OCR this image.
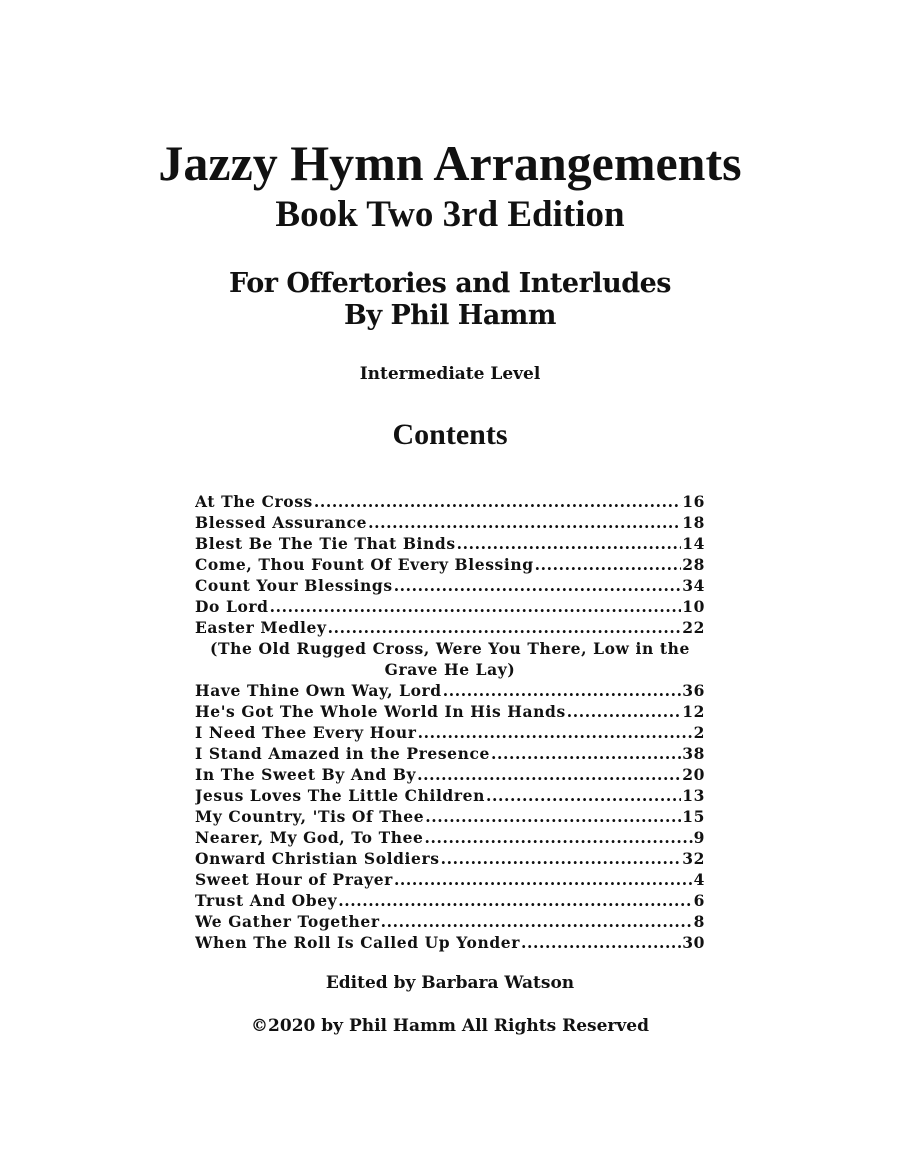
Jazzy Hymn Arrangements
Book Two 3rd Edition
For Offertories and Interludes
By Phil Hamm
Intermediate Level
Contents
At The Cross .....	16
Blessed Assurance .....	18
Blest Be The Tie That Binds .....	14
Come, Thou Fount Of Every Blessing .....	28
Count Your Blessings .....	34
Do Lord .....	10
Easter Medley .....	22
(The Old Rugged Cross, Were You There, Low in the Grave He Lay)
Have Thine Own Way, Lord .....	36
He's Got The Whole World In His Hands .....	12
I Need Thee Every Hour .....	2
I Stand Amazed in the Presence .....	38
In The Sweet By And By .....	20
Jesus Loves The Little Children .....	13
My Country, 'Tis Of Thee .....	15
Nearer, My God, To Thee .....	9
Onward Christian Soldiers .....	32
Sweet Hour of Prayer .....	4
Trust And Obey .....	6
We Gather Together .....	8
When The Roll Is Called Up Yonder .....	30
Edited by Barbara Watson
©2020 by Phil Hamm All Rights Reserved
